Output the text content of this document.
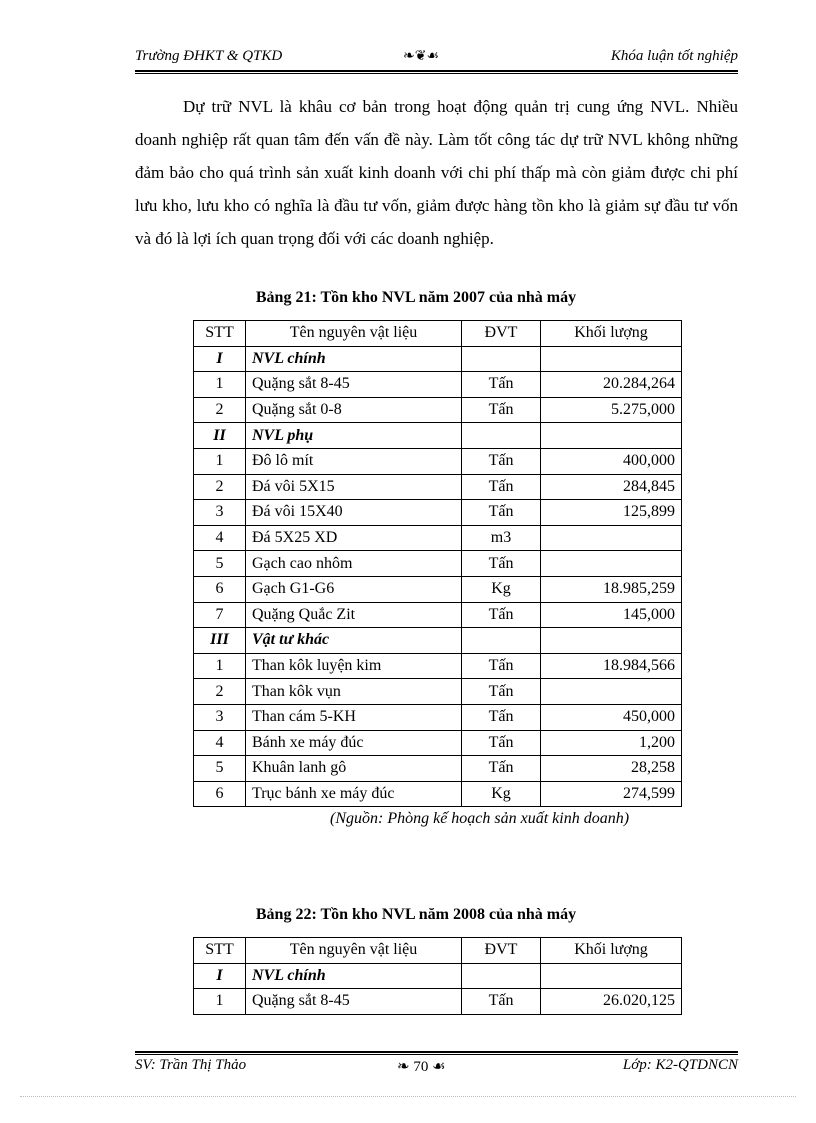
Trường ĐHKT & QTKD	❧❦☙	Khóa luận tốt nghiệp

Dự trữ NVL là khâu cơ bản trong hoạt động quản trị cung ứng NVL. Nhiều doanh nghiệp rất quan tâm đến vấn đề này. Làm tốt công tác dự trữ NVL không những đảm bảo cho quá trình sản xuất kinh doanh với chi phí thấp mà còn giảm được chi phí lưu kho, lưu kho có nghĩa là đầu tư vốn, giảm được hàng tồn kho là giảm sự đầu tư vốn và đó là lợi ích quan trọng đối với các doanh nghiệp.

Bảng 21: Tồn kho NVL năm 2007 của nhà máy
STT	Tên nguyên vật liệu	ĐVT	Khối lượng
I	NVL chính		
1	Quặng sắt 8-45	Tấn	20.284,264
2	Quặng sắt 0-8	Tấn	5.275,000
II	NVL phụ		
1	Đô lô mít	Tấn	400,000
2	Đá vôi 5X15	Tấn	284,845
3	Đá vôi 15X40	Tấn	125,899
4	Đá 5X25 XD	m3	
5	Gạch cao nhôm	Tấn	
6	Gạch G1-G6	Kg	18.985,259
7	Quặng Quắc Zit	Tấn	145,000
III	Vật tư khác		
1	Than kôk luyện kim	Tấn	18.984,566
2	Than kôk vụn	Tấn	
3	Than cám 5-KH	Tấn	450,000
4	Bánh xe máy đúc	Tấn	1,200
5	Khuân lanh gô	Tấn	28,258
6	Trục bánh xe máy đúc	Kg	274,599
(Nguồn: Phòng kế hoạch sản xuất kinh doanh)
Bảng 22: Tồn kho NVL năm 2008 của nhà máy
STT	Tên nguyên vật liệu	ĐVT	Khối lượng
I	NVL chính		
1	Quặng sắt 8-45	Tấn	26.020,125
SV: Trần Thị Thảo	❧ 70 ☙	Lớp: K2-QTDNCN
